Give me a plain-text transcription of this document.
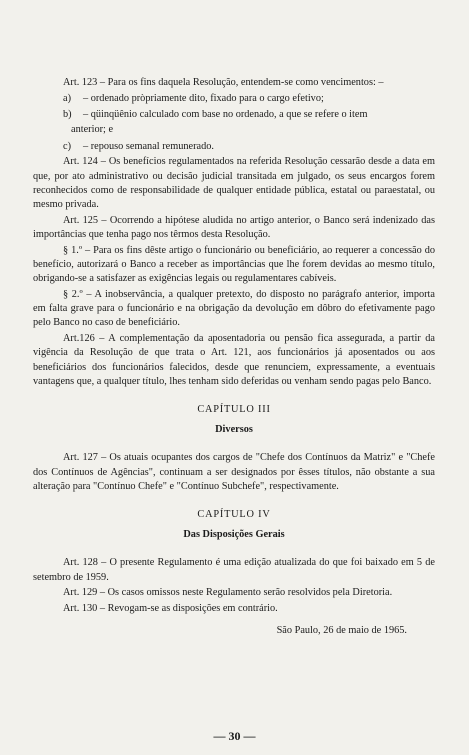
Art. 123 – Para os fins daquela Resolução, entendem-se como vencimentos: –

a)	– ordenado pròpriamente dito, fixado para o cargo efetivo;
b)	– qüinqüênio calculado com base no ordenado, a que se refere o item

anterior; e

c)	– repouso semanal remunerado.

Art. 124 – Os benefícios regulamentados na referida Resolução cessarão desde a data em que, por ato administrativo ou decisão judicial transitada em julgado, os seus encargos forem reconhecidos como de responsabilidade de qualquer entidade pública, estatal ou paraestatal, ou mesmo privada.

Art. 125 – Ocorrendo a hipótese aludida no artigo anterior, o Banco será indenizado das importâncias que tenha pago nos têrmos desta Resolução.

§ 1.º – Para os fins dêste artigo o funcionário ou beneficiário, ao requerer a concessão do benefício, autorizará o Banco a receber as importâncias que lhe forem devidas ao mesmo título, obrigando-se a satisfazer as exigências legais ou regulamentares cabíveis.

§ 2.º – A inobservância, a qualquer pretexto, do disposto no parágrafo anterior, importa em falta grave para o funcionário e na obrigação da devolução em dôbro do efetivamente pago pelo Banco no caso de beneficiário.

Art.126 – A complementação da aposentadoria ou pensão fica assegurada, a partir da vigência da Resolução de que trata o Art. 121, aos funcionários já aposentados ou aos beneficiários dos funcionários falecidos, desde que renunciem, expressamente, a eventuais vantagens que, a qualquer título, lhes tenham sido deferidas ou venham sendo pagas pelo Banco.

CAPÍTULO III
Diversos

Art. 127 – Os atuais ocupantes dos cargos de "Chefe dos Contínuos da Matriz" e "Chefe dos Contínuos de Agências", continuam a ser designados por êsses títulos, não obstante a sua alteração para "Contínuo Chefe" e "Contínuo Subchefe", respectivamente.

CAPÍTULO IV
Das Disposições Gerais

Art. 128 – O presente Regulamento é uma edição atualizada do que foi baixado em 5 de setembro de 1959.

Art. 129 – Os casos omissos neste Regulamento serão resolvidos pela Diretoria.

Art. 130 – Revogam-se as disposições em contrário.

São Paulo, 26 de maio de 1965.
— 30 —
